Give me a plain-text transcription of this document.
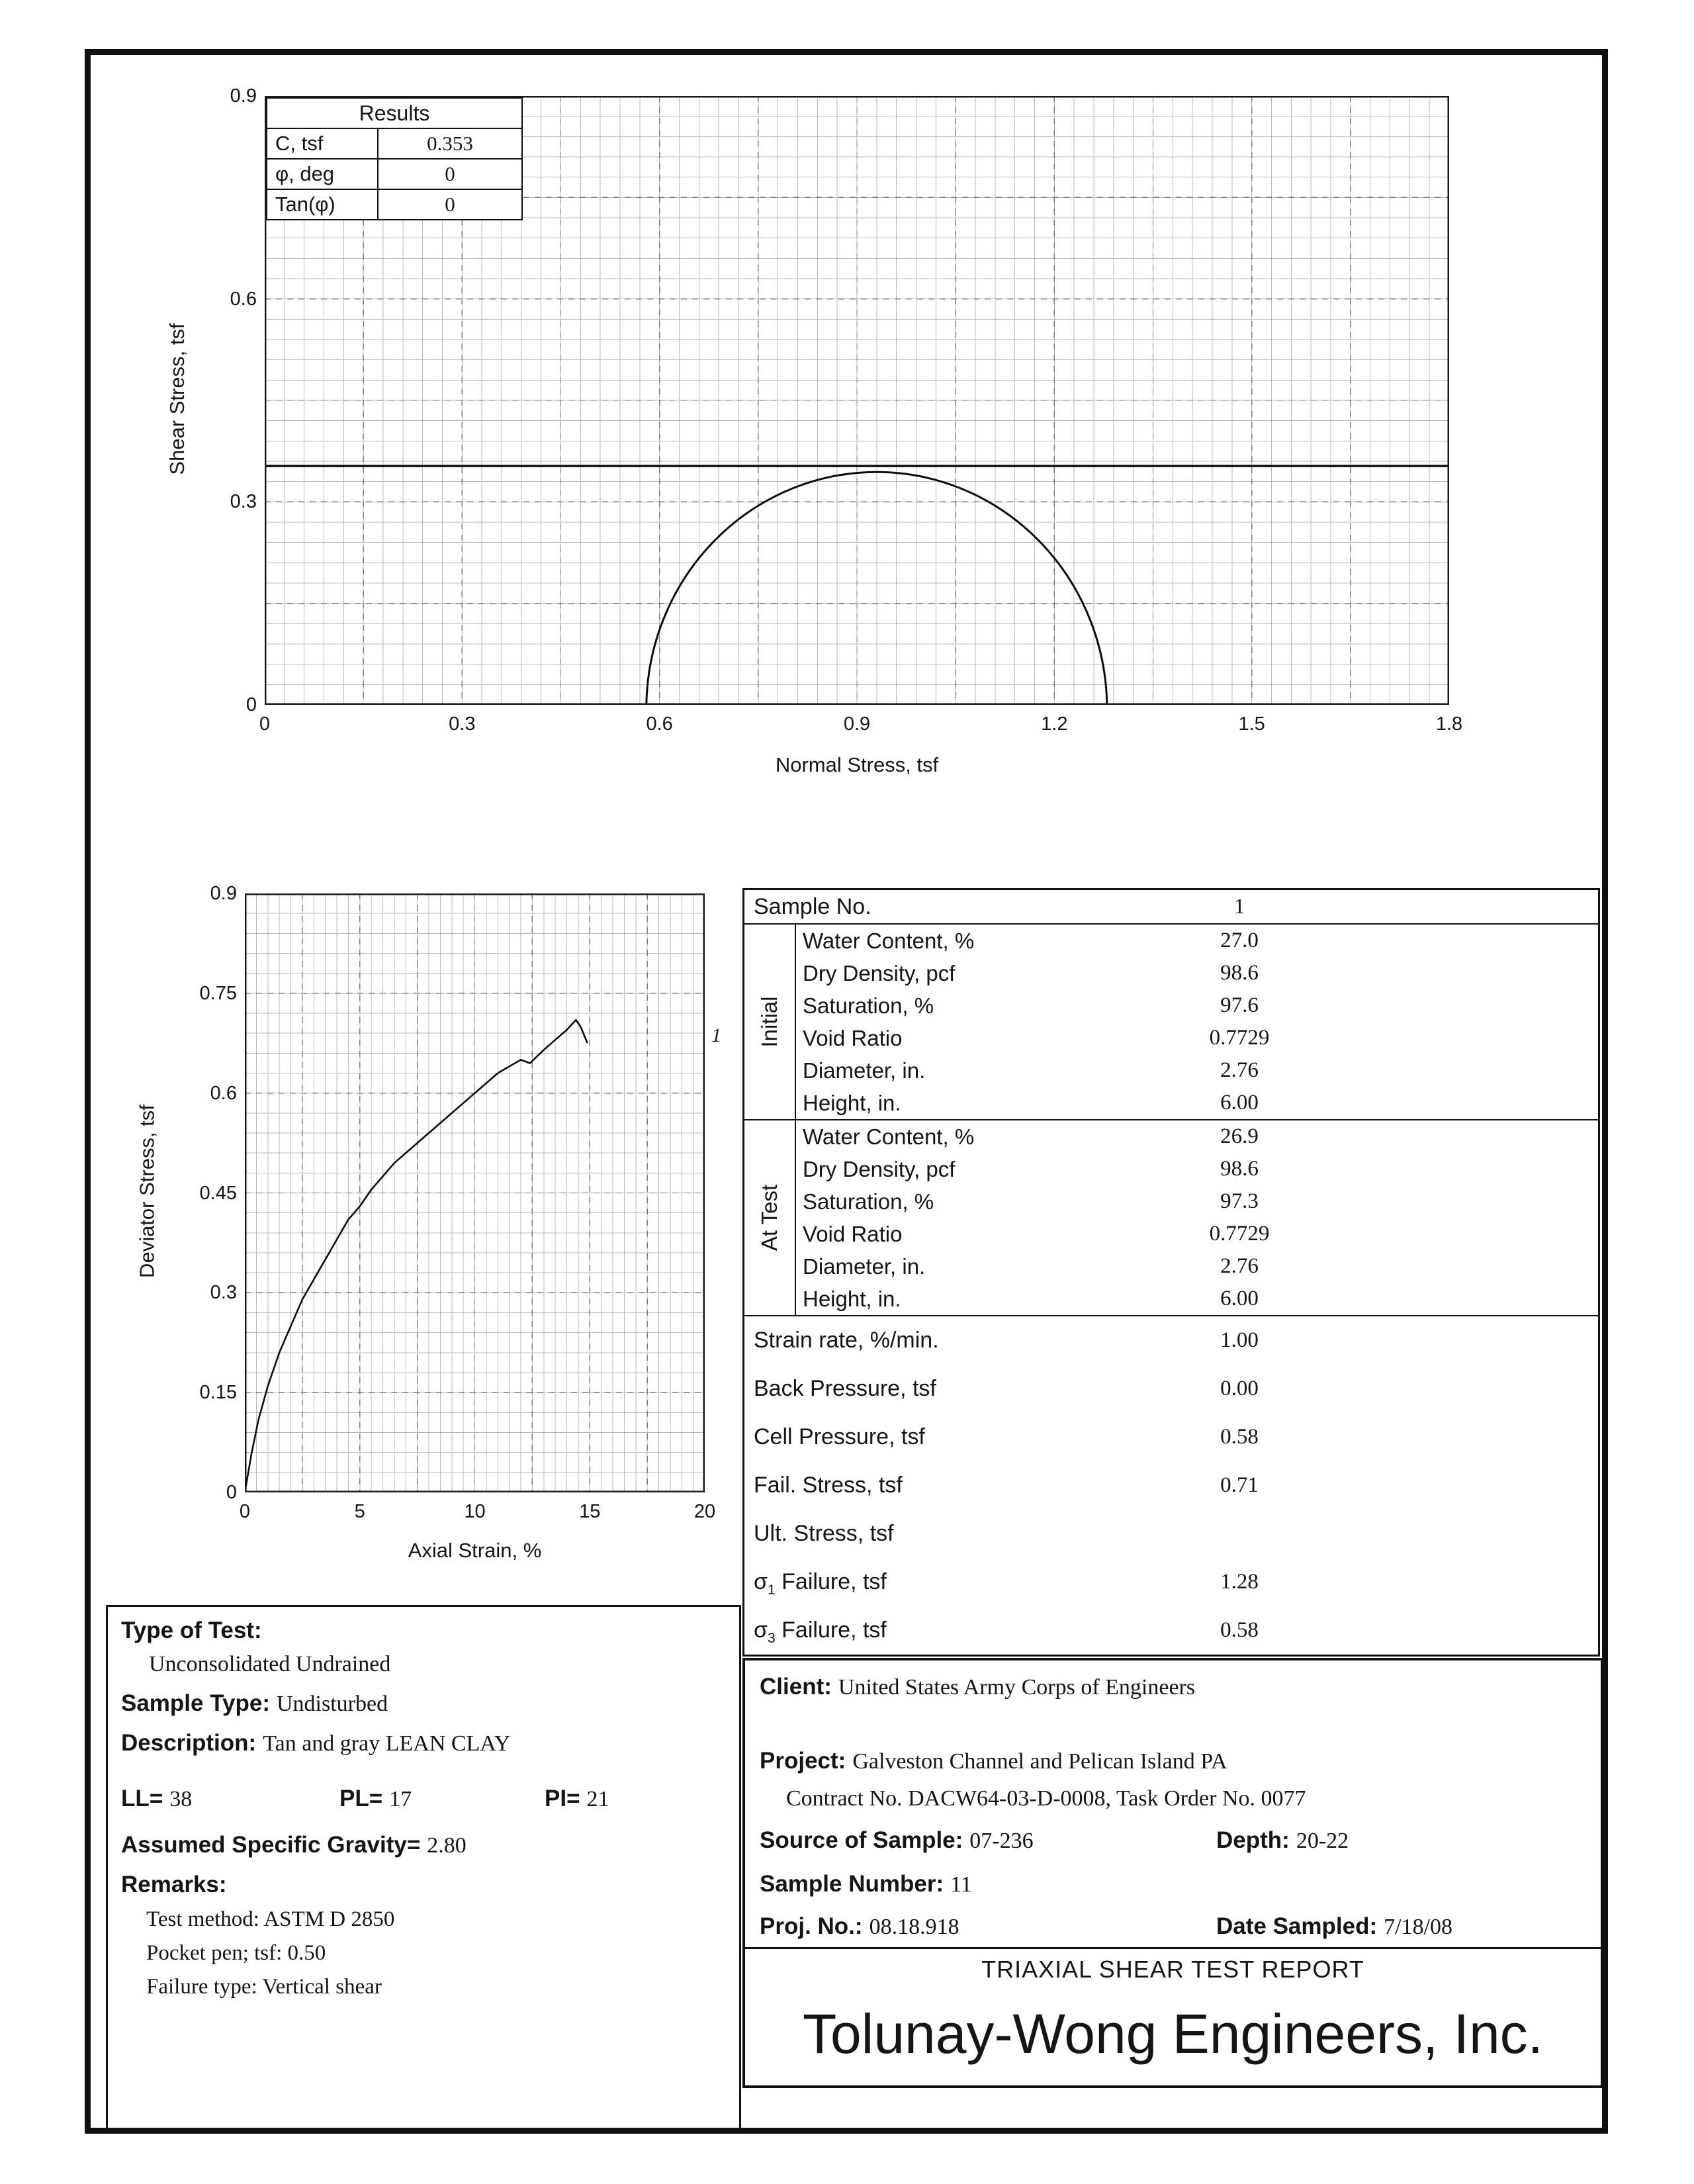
Shear Stress, tsf
0	0.3	0.6	0.9	1.2	1.5	1.8
0
0.3
0.6
0.9
Normal Stress, tsf
Results
C, tsf	0.353
φ, deg	0
Tan(φ)	0
Deviator Stress, tsf
0	5	10	15	20
0
0.15
0.3
0.45
0.6
0.75
0.9
Axial Strain, %
1
Sample No.	1
Initial
Water Content, %	27.0
Dry Density, pcf	98.6
Saturation, %	97.6
Void Ratio	0.7729
Diameter, in.	2.76
Height, in.	6.00
At Test
Water Content, %	26.9
Dry Density, pcf	98.6
Saturation, %	97.3
Void Ratio	0.7729
Diameter, in.	2.76
Height, in.	6.00
Strain rate, %/min.	1.00
Back Pressure, tsf	0.00
Cell Pressure, tsf	0.58
Fail. Stress, tsf	0.71
Ult. Stress, tsf
$\sigma_1$ Failure, tsf	1.28
$\sigma_3$ Failure, tsf	0.58
Type of Test:
Unconsolidated Undrained
Sample Type: Undisturbed
Description: Tan and gray LEAN CLAY
LL= 38	PL= 17	PI= 21
Assumed Specific Gravity= 2.80
Remarks:
Test method: ASTM D 2850
Pocket pen; tsf: 0.50
Failure type: Vertical shear
Client: United States Army Corps of Engineers
Project: Galveston Channel and Pelican Island PA
Contract No. DACW64-03-D-0008, Task Order No. 0077
Source of Sample: 07-236	Depth: 20-22
Sample Number: 11
Proj. No.: 08.18.918	Date Sampled: 7/18/08
TRIAXIAL SHEAR TEST REPORT
Tolunay-Wong Engineers, Inc.
